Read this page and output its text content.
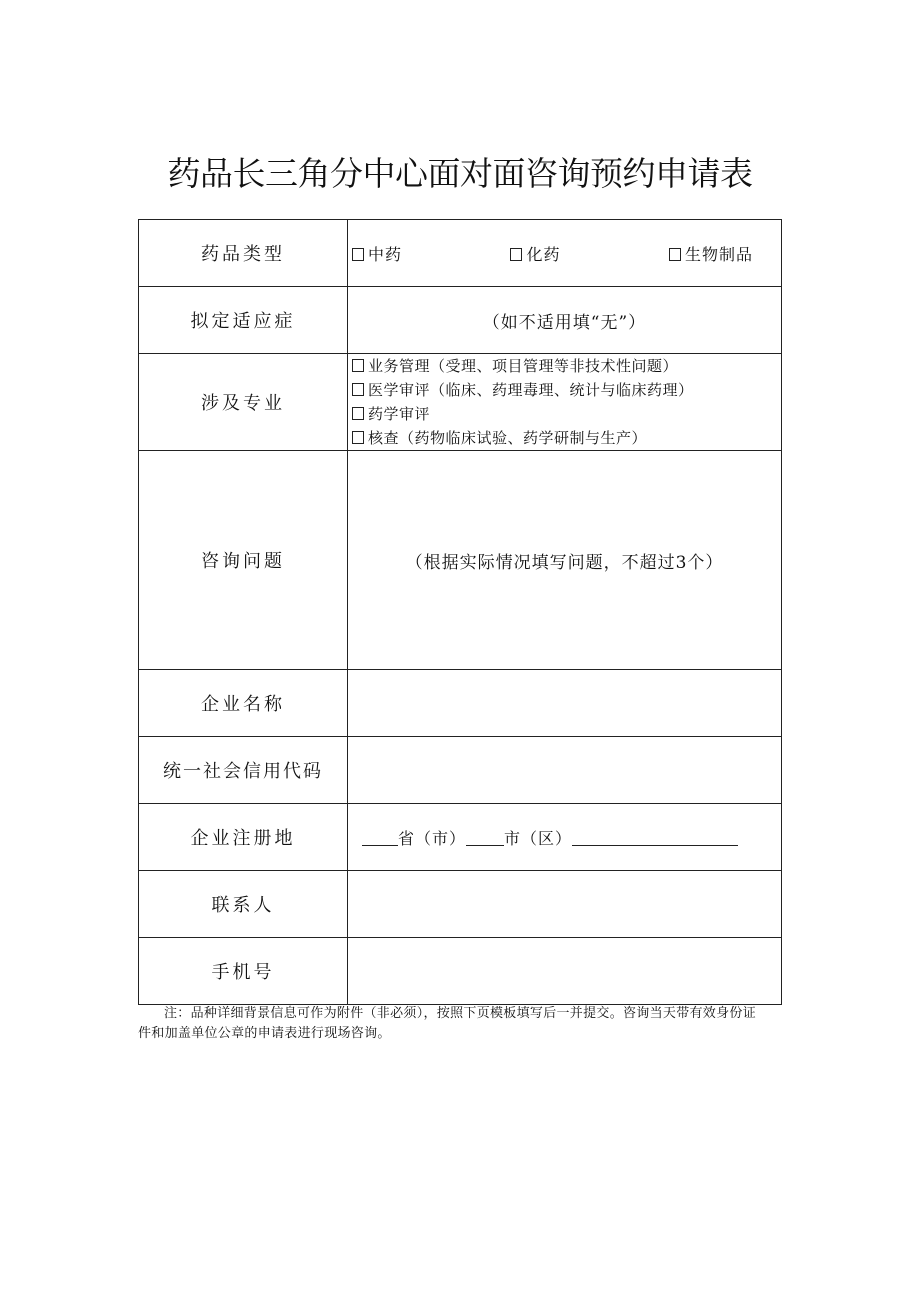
药品长三角分中心面对面咨询预约申请表
药品类型	中药 化药 生物制品

拟定适应症	（如不适用填“无”）
涉及专业	业务管理（受理、项目管理等非技术性问题）
医学审评（临床、药理毒理、统计与临床药理）
药学审评
核查（药物临床试验、药学研制与生产）

咨询问题	（根据实际情况填写问题，不超过3个）
企业名称	
统一社会信用代码	
企业注册地	省（市） 市（区）

联系人	
手机号	
注：品种详细背景信息可作为附件（非必须），按照下页模板填写后一并提交。咨询当天带有效身份证件和加盖单位公章的申请表进行现场咨询。
